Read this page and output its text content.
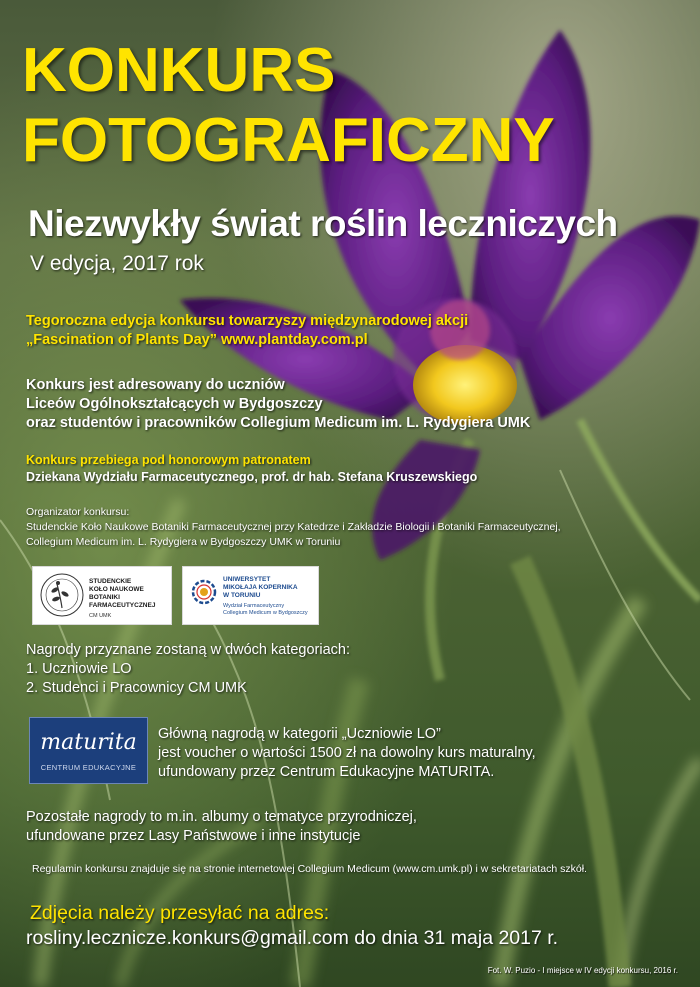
KONKURS
FOTOGRAFICZNY
Niezwykły świat roślin leczniczych
V edycja, 2017 rok
Tegoroczna edycja konkursu towarzyszy międzynarodowej akcji
„Fascination of Plants Day” www.plantday.com.pl
Konkurs jest adresowany do uczniów
Liceów Ogólnokształcących w Bydgoszczy
oraz studentów i pracowników Collegium Medicum im. L. Rydygiera UMK
Konkurs przebiega pod honorowym patronatem
Dziekana Wydziału Farmaceutycznego, prof. dr hab. Stefana Kruszewskiego
Organizator konkursu:
Studenckie Koło Naukowe Botaniki Farmaceutycznej przy Katedrze i Zakładzie Biologii i Botaniki Farmaceutycznej,
Collegium Medicum im. L. Rydygiera w Bydgoszczy UMK w Toruniu
STUDENCKIE
KOŁO NAUKOWE
BOTANIKI
FARMACEUTYCZNEJ
CM UMK
UNIWERSYTET
MIKOŁAJA KOPERNIKA
W TORUNIU
Wydział Farmaceutyczny
Collegium Medicum w Bydgoszczy
Nagrody przyznane zostaną w dwóch kategoriach:
1. Uczniowie LO
2. Studenci i Pracownicy CM UMK
maturita
CENTRUM EDUKACYJNE
Główną nagrodą w kategorii „Uczniowie LO”
jest voucher o wartości 1500 zł na dowolny kurs maturalny,
ufundowany przez Centrum Edukacyjne MATURITA.
Pozostałe nagrody to m.in. albumy o tematyce przyrodniczej,
ufundowane przez Lasy Państwowe i inne instytucje
Regulamin konkursu znajduje się na stronie internetowej Collegium Medicum (www.cm.umk.pl) i w sekretariatach szkół.
Zdjęcia należy przesyłać na adres:
rosliny.lecznicze.konkurs@gmail.com do dnia 31 maja 2017 r.
Fot. W. Puzio - I miejsce w IV edycji konkursu, 2016 r.
